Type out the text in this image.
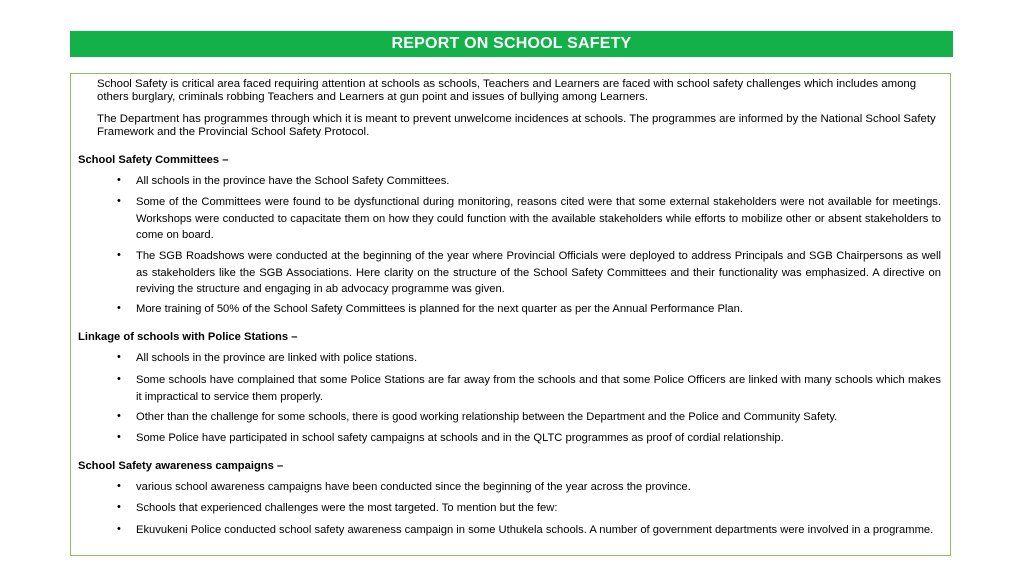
REPORT ON SCHOOL SAFETY
School Safety is critical area faced requiring attention at schools as schools, Teachers and Learners are faced with school safety challenges which includes among others burglary, criminals robbing Teachers and Learners at gun point and issues of bullying among Learners.
The Department has programmes through which it is meant to prevent unwelcome incidences at schools. The programmes are informed by the National School Safety Framework and the Provincial School Safety Protocol.
School Safety Committees –
• All schools in the province have the School Safety Committees.
• Some of the Committees were found to be dysfunctional during monitoring, reasons cited were that some external stakeholders were not available for meetings. Workshops were conducted to capacitate them on how they could function with the available stakeholders while efforts to mobilize other or absent stakeholders to come on board.
• The SGB Roadshows were conducted at the beginning of the year where Provincial Officials were deployed to address Principals and SGB Chairpersons as well as stakeholders like the SGB Associations. Here clarity on the structure of the School Safety Committees and their functionality was emphasized. A directive on reviving the structure and engaging in ab advocacy programme was given.
• More training of 50% of the School Safety Committees is planned for the next quarter as per the Annual Performance Plan.
Linkage of schools with Police Stations –
• All schools in the province are linked with police stations.
• Some schools have complained that some Police Stations are far away from the schools and that some Police Officers are linked with many schools which makes it impractical to service them properly.
• Other than the challenge for some schools, there is good working relationship between the Department and the Police and Community Safety.
• Some Police have participated in school safety campaigns at schools and in the QLTC programmes as proof of cordial relationship.
School Safety awareness campaigns –
• various school awareness campaigns have been conducted since the beginning of the year across the province.
• Schools that experienced challenges were the most targeted. To mention but the few:
• Ekuvukeni Police conducted school safety awareness campaign in some Uthukela schools. A number of government departments were involved in a programme.
